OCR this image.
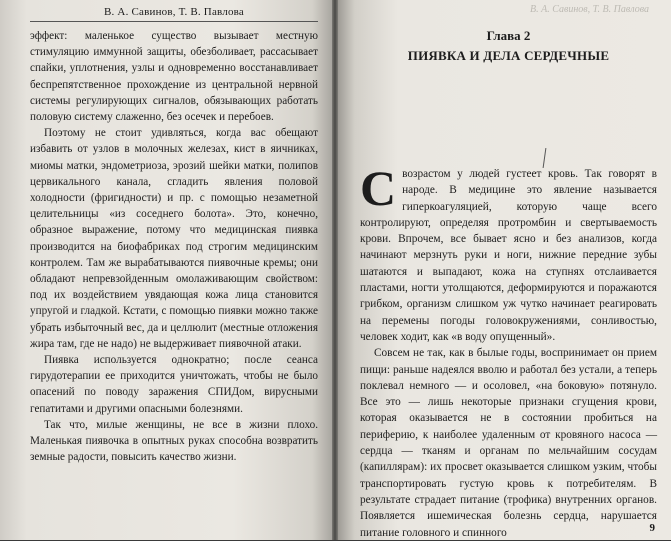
В. А. Савинов, Т. В. Павлова

эффект: маленькое существо вызывает местную стимуляцию иммунной защиты, обезболивает, рассасывает спайки, уплотнения, узлы и одновременно восстанавливает беспрепятственное прохождение из центральной нервной системы регулирующих сигналов, обязывающих работать половую систему слаженно, без осечек и перебоев.

Поэтому не стоит удивляться, когда вас обещают избавить от узлов в молочных железах, кист в яичниках, миомы матки, эндометриоза, эрозий шейки матки, полипов цервикального канала, сгладить явления половой холодности (фригидности) и пр. с помощью незаметной целительницы «из соседнего болота». Это, конечно, образное выражение, потому что медицинская пиявка производится на биофабриках под строгим медицинским контролем. Там же вырабатываются пиявочные кремы; они обладают непревзойденным омолаживающим свойством: под их воздействием увядающая кожа лица становится упругой и гладкой. Кстати, с помощью пиявки можно также убрать избыточный вес, да и целлюлит (местные отложения жира там, где не надо) не выдерживает пиявочной атаки.

Пиявка используется однократно; после сеанса гирудотерапии ее приходится уничтожать, чтобы не было опасений по поводу заражения СПИДом, вирусными гепатитами и другими опасными болезнями.

Так что, милые женщины, не все в жизни плохо. Маленькая пиявочка в опытных руках способна возвратить земные радости, повысить качество жизни.

В. А. Савинов, Т. В. Павлова
Глава 2
ПИЯВКА И ДЕЛА СЕРДЕЧНЫЕ

С возрастом у людей густеет кровь. Так говорят в народе. В медицине это явление называется гиперкоагуляцией, которую чаще всего контролируют, определяя протромбин и свертываемость крови. Впрочем, все бывает ясно и без анализов, когда начинают мерзнуть руки и ноги, нижние передние зубы шатаются и выпадают, кожа на ступнях отслаивается пластами, ногти утолщаются, деформируются и поражаются грибком, организм слишком уж чутко начинает реагировать на перемены погоды головокружениями, сонливостью, человек ходит, как «в воду опущенный».

Совсем не так, как в былые годы, воспринимает он прием пищи: раньше надеялся вволю и работал без устали, а теперь поклевал немного — и осоловел, «на боковую» потянуло. Все это — лишь некоторые признаки сгущения крови, которая оказывается не в состоянии пробиться на периферию, к наиболее удаленным от кровяного насоса — сердца — тканям и органам по мельчайшим сосудам (капиллярам): их просвет оказывается слишком узким, чтобы транспортировать густую кровь к потребителям. В результате страдает питание (трофика) внутренних органов. Появляется ишемическая болезнь сердца, нарушается питание головного и спинного	9
